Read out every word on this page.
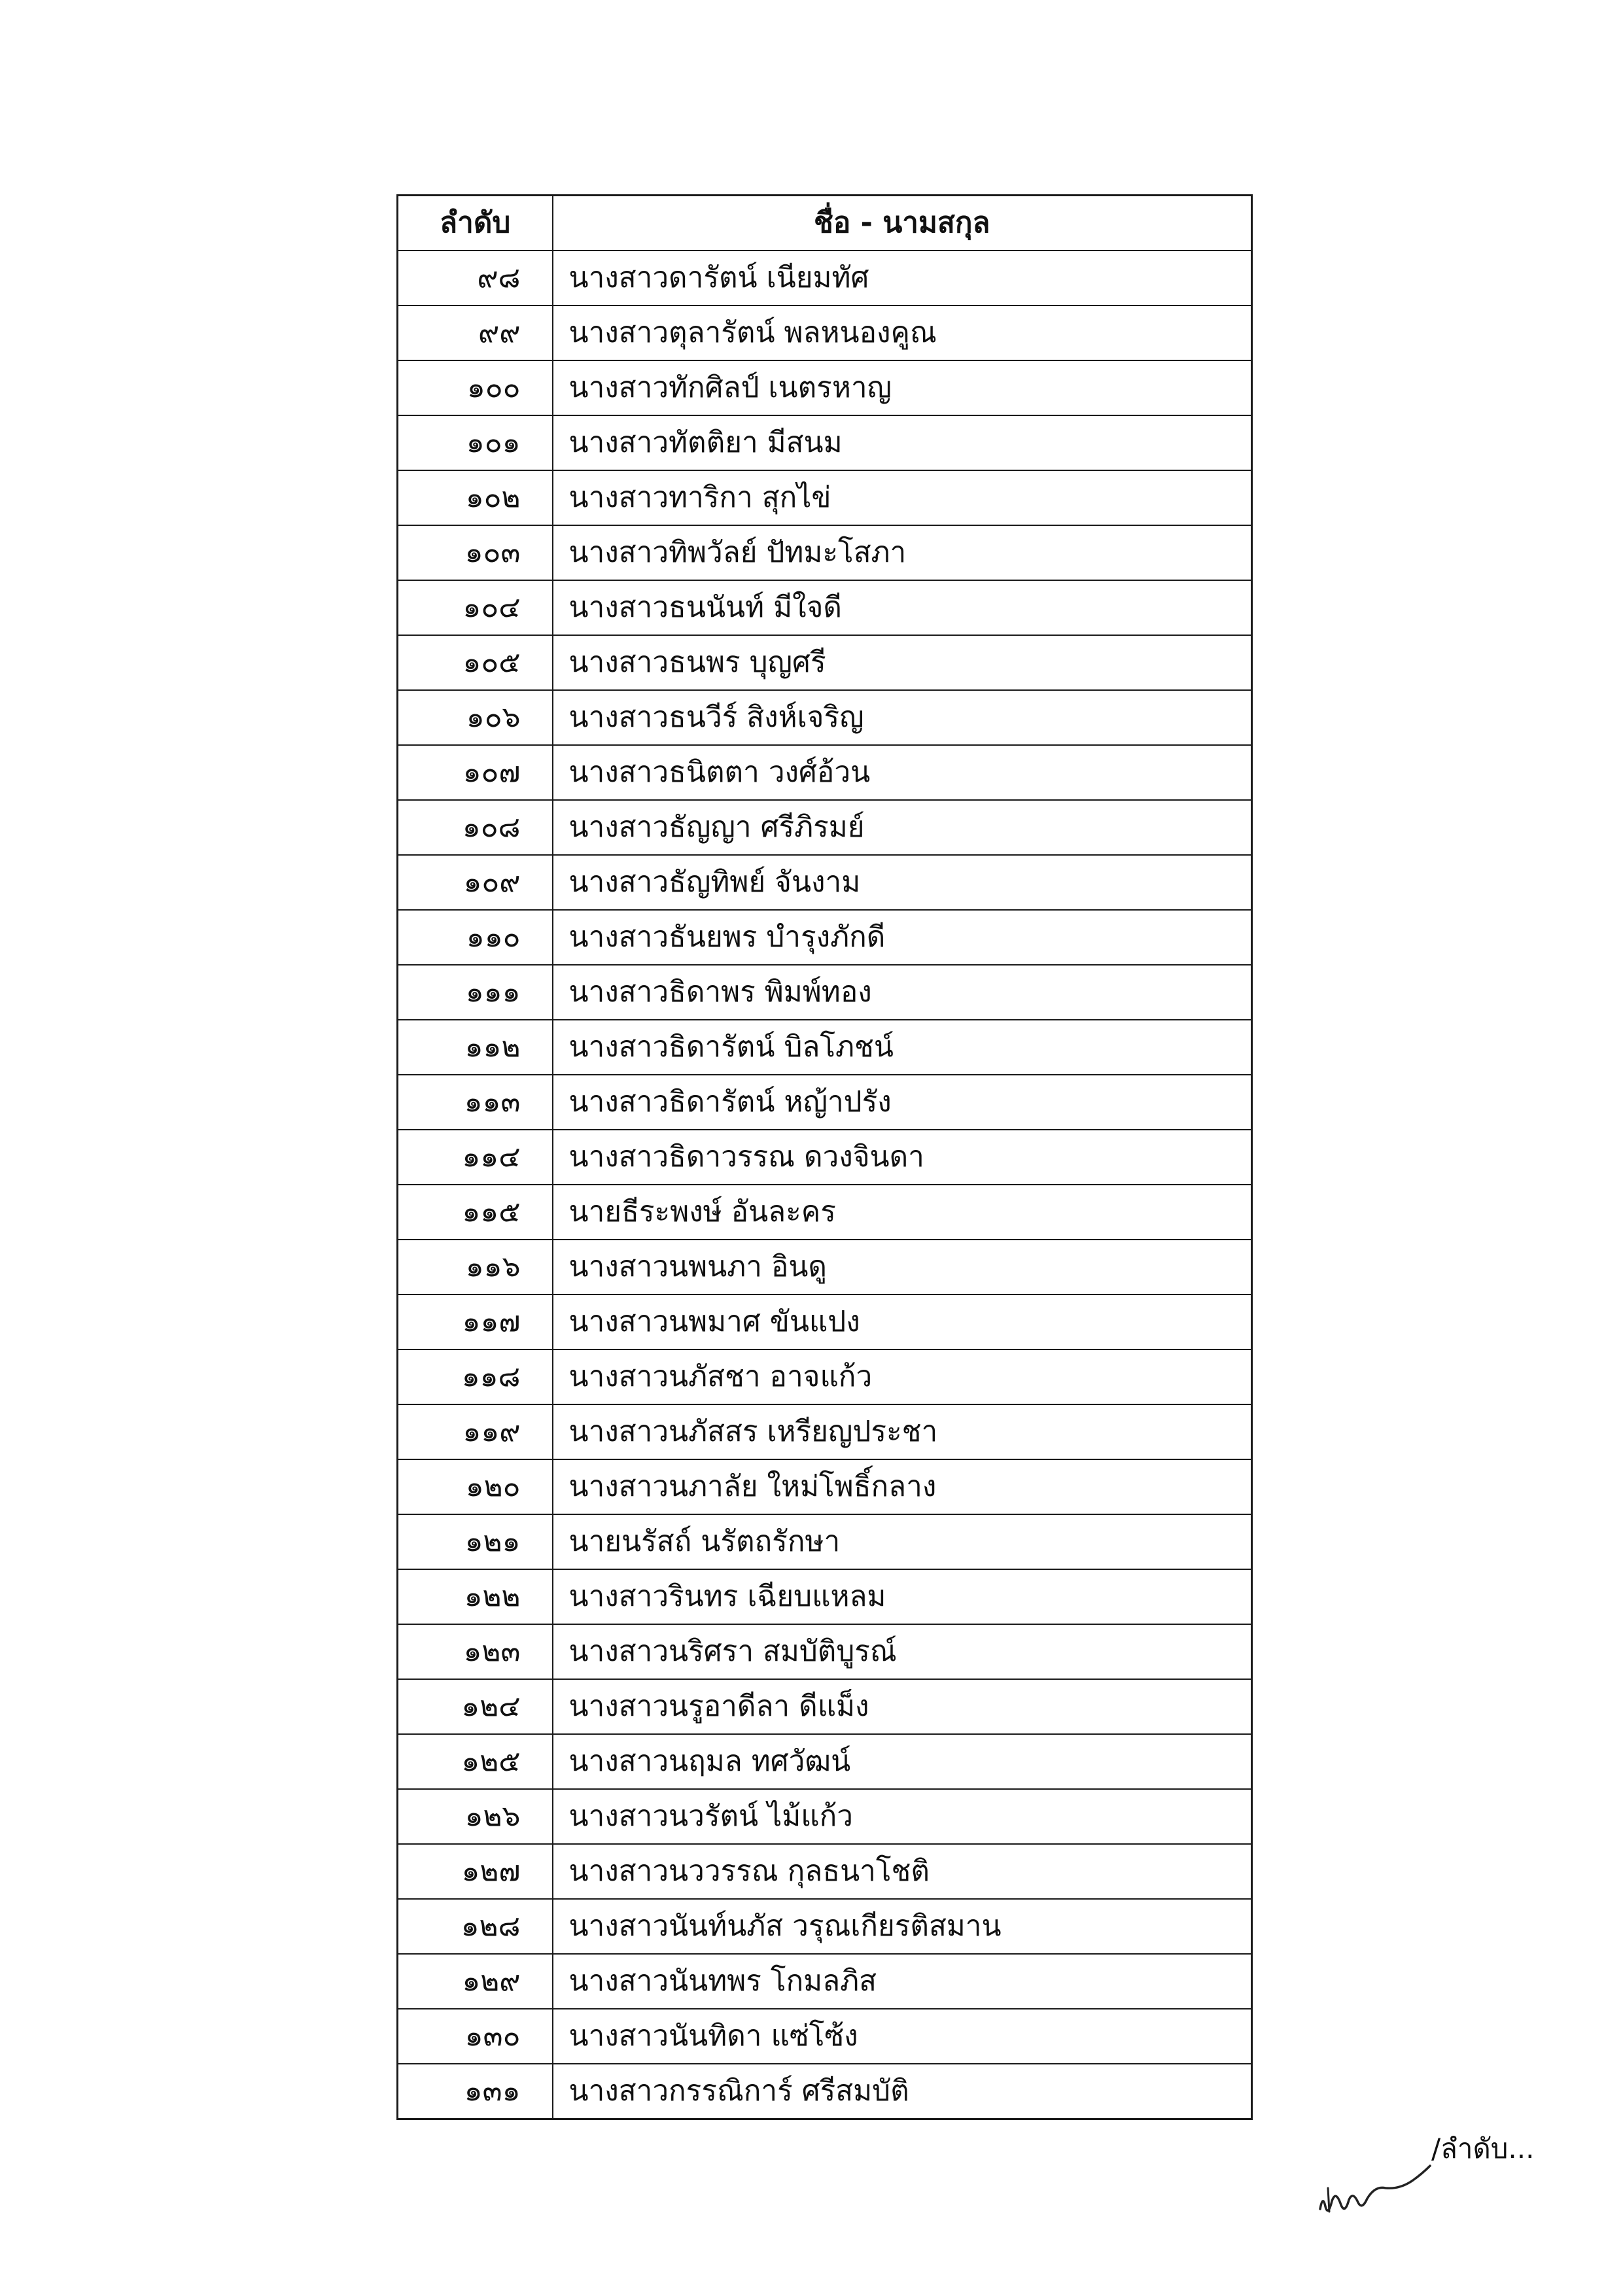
ลำดับ	ชื่อ - นามสกุล
๙๘	นางสาวดารัตน์ เนียมทัศ
๙๙	นางสาวตุลารัตน์ พลหนองคูณ
๑๐๐	นางสาวทักศิลป์ เนตรหาญ
๑๐๑	นางสาวทัตติยา มีสนม
๑๐๒	นางสาวทาริกา สุกไข่
๑๐๓	นางสาวทิพวัลย์ ปัทมะโสภา
๑๐๔	นางสาวธนนันท์ มีใจดี
๑๐๕	นางสาวธนพร บุญศรี
๑๐๖	นางสาวธนวีร์ สิงห์เจริญ
๑๐๗	นางสาวธนิตตา วงศ์อ้วน
๑๐๘	นางสาวธัญญา ศรีภิรมย์
๑๐๙	นางสาวธัญทิพย์ จันงาม
๑๑๐	นางสาวธันยพร บำรุงภักดี
๑๑๑	นางสาวธิดาพร พิมพ์ทอง
๑๑๒	นางสาวธิดารัตน์ บิลโภชน์
๑๑๓	นางสาวธิดารัตน์ หญ้าปรัง
๑๑๔	นางสาวธิดาวรรณ ดวงจินดา
๑๑๕	นายธีระพงษ์ อันละคร
๑๑๖	นางสาวนพนภา อินดู
๑๑๗	นางสาวนพมาศ ขันแปง
๑๑๘	นางสาวนภัสชา อาจแก้ว
๑๑๙	นางสาวนภัสสร เหรียญประชา
๑๒๐	นางสาวนภาลัย ใหม่โพธิ์กลาง
๑๒๑	นายนรัสถ์ นรัตถรักษา
๑๒๒	นางสาวรินทร เฉียบแหลม
๑๒๓	นางสาวนริศรา สมบัติบูรณ์
๑๒๔	นางสาวนรูอาดีลา ดีแม็ง
๑๒๕	นางสาวนฤมล ทศวัฒน์
๑๒๖	นางสาวนวรัตน์ ไม้แก้ว
๑๒๗	นางสาวนววรรณ กุลธนาโชติ
๑๒๘	นางสาวนันท์นภัส วรุณเกียรติสมาน
๑๒๙	นางสาวนันทพร โกมลภิส
๑๓๐	นางสาวนันทิดา แซ่โซ้ง
๑๓๑	นางสาวกรรณิการ์ ศรีสมบัติ
/ลำดับ...
